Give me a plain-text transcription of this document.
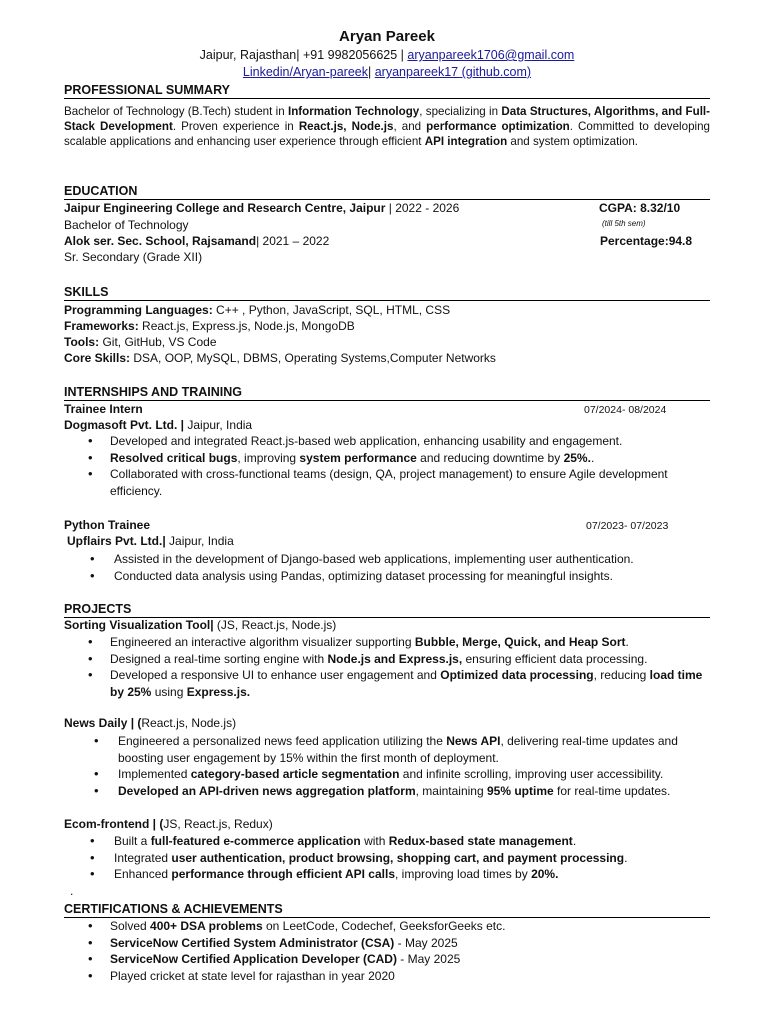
Aryan Pareek
Jaipur, Rajasthan| +91 9982056625 | aryanpareek1706@gmail.com
Linkedin/Aryan-pareek| aryanpareek17 (github.com)
PROFESSIONAL SUMMARY
Bachelor of Technology (B.Tech) student in Information Technology, specializing in Data Structures, Algorithms, and Full-Stack Development. Proven experience in React.js, Node.js, and performance optimization. Committed to developing scalable applications and enhancing user experience through efficient API integration and system optimization.
EDUCATION
Jaipur Engineering College and Research Centre, Jaipur | 2022 - 2026	CGPA: 8.32/10
Bachelor of Technology	(till 5th sem)
Alok ser. Sec. School, Rajsamand| 2021 – 2022	Percentage:94.8
Sr. Secondary (Grade XII)
SKILLS
Programming Languages: C++ , Python, JavaScript, SQL, HTML, CSS
Frameworks: React.js, Express.js, Node.js, MongoDB
Tools: Git, GitHub, VS Code
Core Skills: DSA, OOP, MySQL, DBMS, Operating Systems,Computer Networks
INTERNSHIPS AND TRAINING
Trainee Intern	07/2024- 08/2024
Dogmasoft Pvt. Ltd. | Jaipur, India
• Developed and integrated React.js-based web application, enhancing usability and engagement.
• Resolved critical bugs, improving system performance and reducing downtime by 25%..
• Collaborated with cross-functional teams (design, QA, project management) to ensure Agile development efficiency.
Python Trainee	07/2023- 07/2023
Upflairs Pvt. Ltd.| Jaipur, India
• Assisted in the development of Django-based web applications, implementing user authentication.
• Conducted data analysis using Pandas, optimizing dataset processing for meaningful insights.
PROJECTS
Sorting Visualization Tool| (JS, React.js, Node.js)
• Engineered an interactive algorithm visualizer supporting Bubble, Merge, Quick, and Heap Sort.
• Designed a real-time sorting engine with Node.js and Express.js, ensuring efficient data processing.
• Developed a responsive UI to enhance user engagement and Optimized data processing, reducing load time by 25% using Express.js.
News Daily | (React.js, Node.js)
• Engineered a personalized news feed application utilizing the News API, delivering real-time updates and boosting user engagement by 15% within the first month of deployment.
• Implemented category-based article segmentation and infinite scrolling, improving user accessibility.
• Developed an API-driven news aggregation platform, maintaining 95% uptime for real-time updates.
Ecom-frontend | (JS, React.js, Redux)
• Built a full-featured e-commerce application with Redux-based state management.
• Integrated user authentication, product browsing, shopping cart, and payment processing.
• Enhanced performance through efficient API calls, improving load times by 20%.
.
CERTIFICATIONS & ACHIEVEMENTS
• Solved 400+ DSA problems on LeetCode, Codechef, GeeksforGeeks etc.
• ServiceNow Certified System Administrator (CSA) - May 2025
• ServiceNow Certified Application Developer (CAD) - May 2025
• Played cricket at state level for rajasthan in year 2020
